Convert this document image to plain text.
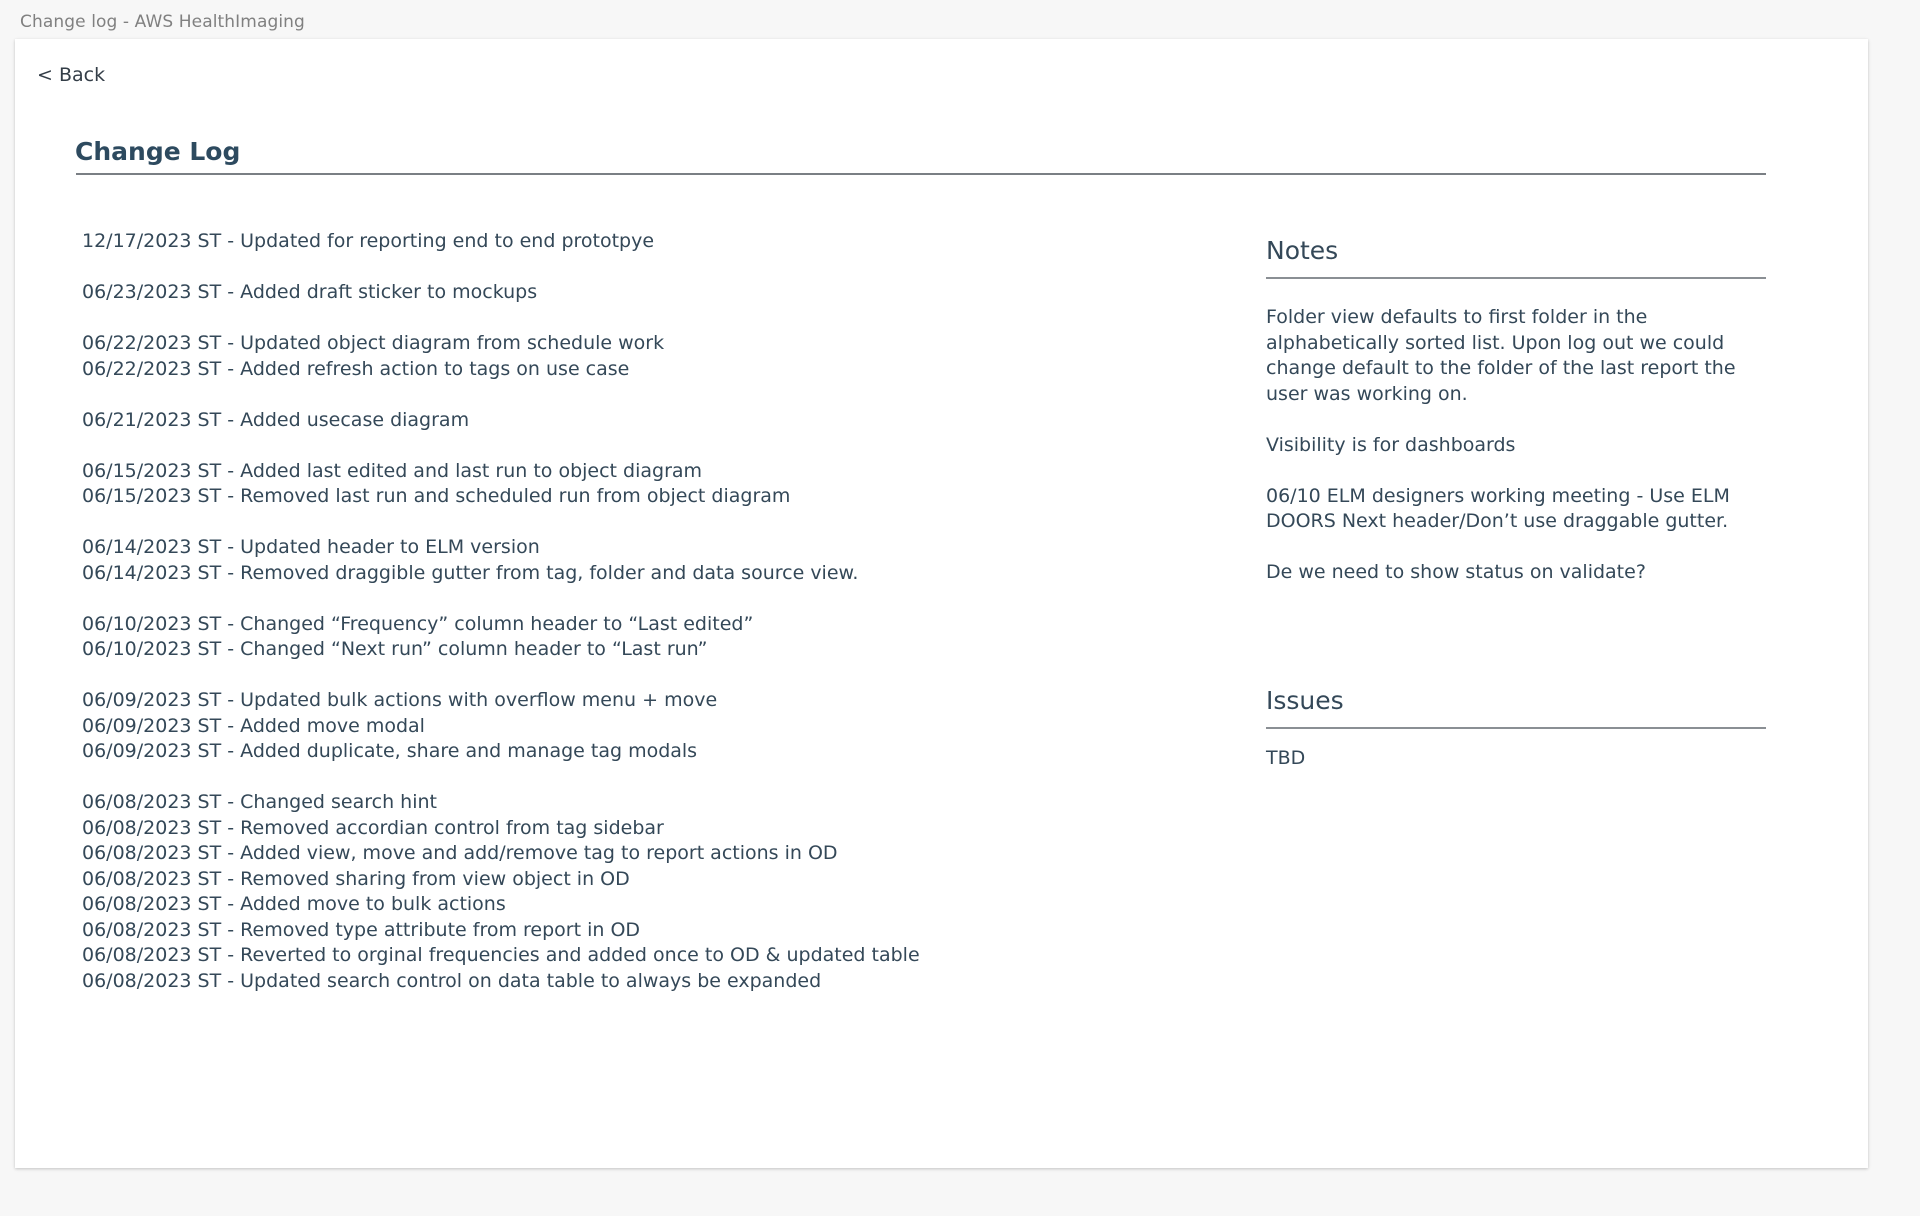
Change log - AWS HealthImaging
< Back
Change Log
12/17/2023 ST - Updated for reporting end to end prototpye
06/23/2023 ST - Added draft sticker to mockups
06/22/2023 ST - Updated object diagram from schedule work
06/22/2023 ST - Added refresh action to tags on use case
06/21/2023 ST - Added usecase diagram
06/15/2023 ST - Added last edited and last run to object diagram
06/15/2023 ST - Removed last run and scheduled run from object diagram
06/14/2023 ST - Updated header to ELM version
06/14/2023 ST - Removed draggible gutter from tag, folder and data source view.
06/10/2023 ST - Changed “Frequency” column header to “Last edited”
06/10/2023 ST - Changed “Next run” column header to “Last run”
06/09/2023 ST - Updated bulk actions with overflow menu + move
06/09/2023 ST - Added move modal
06/09/2023 ST - Added duplicate, share and manage tag modals
06/08/2023 ST - Changed search hint
06/08/2023 ST - Removed accordian control from tag sidebar
06/08/2023 ST - Added view, move and add/remove tag to report actions in OD
06/08/2023 ST - Removed sharing from view object in OD
06/08/2023 ST - Added move to bulk actions
06/08/2023 ST - Removed type attribute from report in OD
06/08/2023 ST - Reverted to orginal frequencies and added once to OD & updated table
06/08/2023 ST - Updated search control on data table to always be expanded
Notes

Folder view defaults to first folder in the alphabetically sorted list. Upon log out we could change default to the folder of the last report the user was working on.

Visibility is for dashboards

06/10 ELM designers working meeting - Use ELM DOORS Next header/Don’t use draggable gutter.

De we need to show status on validate?

Issues
TBD
